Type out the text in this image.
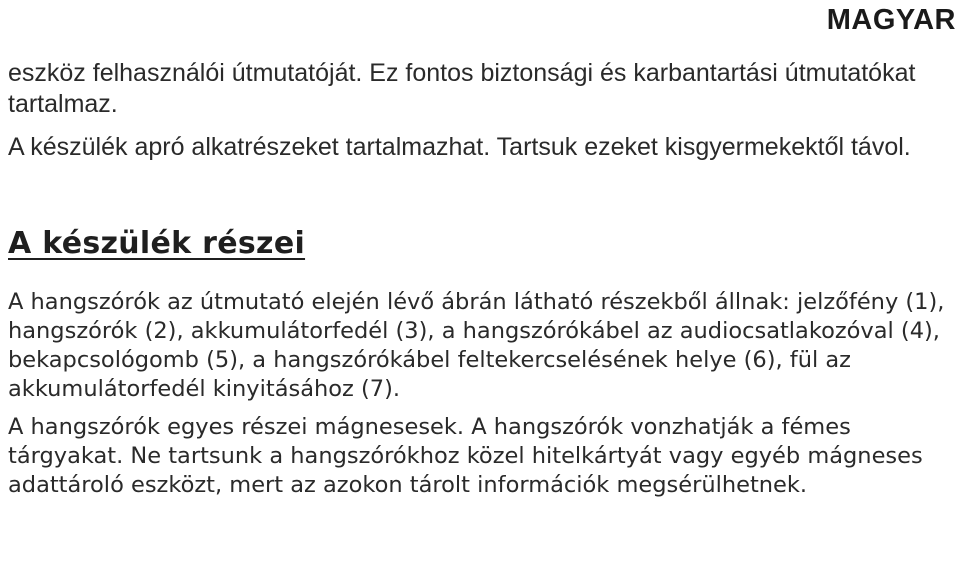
MAGYAR

eszköz felhasználói útmutatóját. Ez fontos biztonsági és karbantartási útmutatókat tartalmaz.

A készülék apró alkatrészeket tartalmazhat. Tartsuk ezeket kisgyermekektől távol.

A készülék részei

A hangszórók az útmutató elején lévő ábrán látható részekből állnak: jelzőfény (1), hangszórók (2), akkumulátorfedél (3), a hangszórókábel az audiocsatlakozóval (4), bekapcsológomb (5), a hangszórókábel feltekercselésének helye (6), fül az akkumulátorfedél kinyitásához (7).

A hangszórók egyes részei mágnesesek. A hangszórók vonzhatják a fémes tárgyakat. Ne tartsunk a hangszórókhoz közel hitelkártyát vagy egyéb mágneses adattároló eszközt, mert az azokon tárolt információk megsérülhetnek.
